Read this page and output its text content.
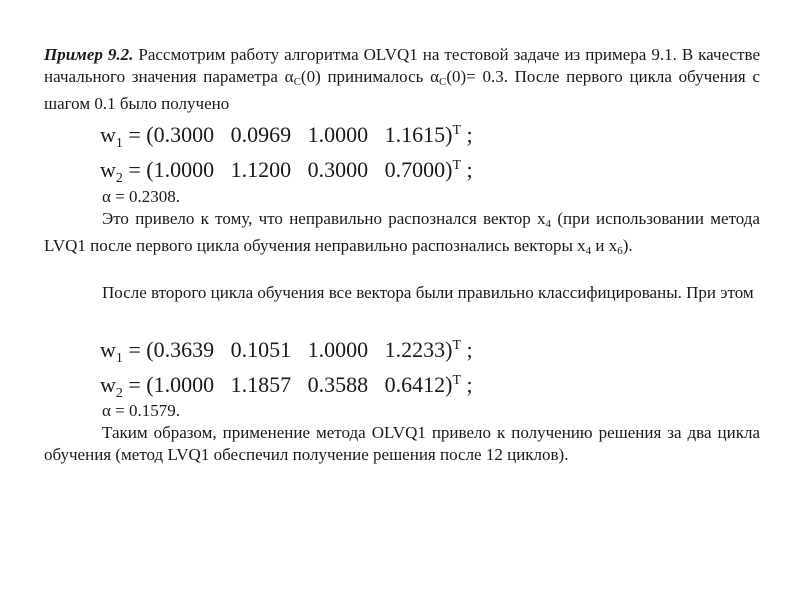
Пример 9.2. Рассмотрим работу алгоритма OLVQ1 на тестовой задаче из примера 9.1. В качестве начального значения параметра $\alpha_C(0)$ принималось $\alpha_C(0)= 0.3$. После первого цикла обучения с шагом 0.1 было получено

$w_1 = (0.3000$ 0.0969 1.0000 1.1615)$^T$ ;
$w_2 = (1.0000$ 1.1200 0.3000 0.7000)$^T$ ;
α = 0.2308.

Это привело к тому, что неправильно распознался вектор $x_4$ (при использовании метода LVQ1 после первого цикла обучения неправильно распознались векторы $x_4$ и $x_6$).

После второго цикла обучения все вектора были правильно классифицированы. При этом

$w_1 = (0.3639$ 0.1051 1.0000 1.2233)$^T$ ;
$w_2 = (1.0000$ 1.1857 0.3588 0.6412)$^T$ ;
α = 0.1579.

Таким образом, применение метода OLVQ1 привело к получению решения за два цикла обучения (метод LVQ1 обеспечил получение решения после 12 циклов).
